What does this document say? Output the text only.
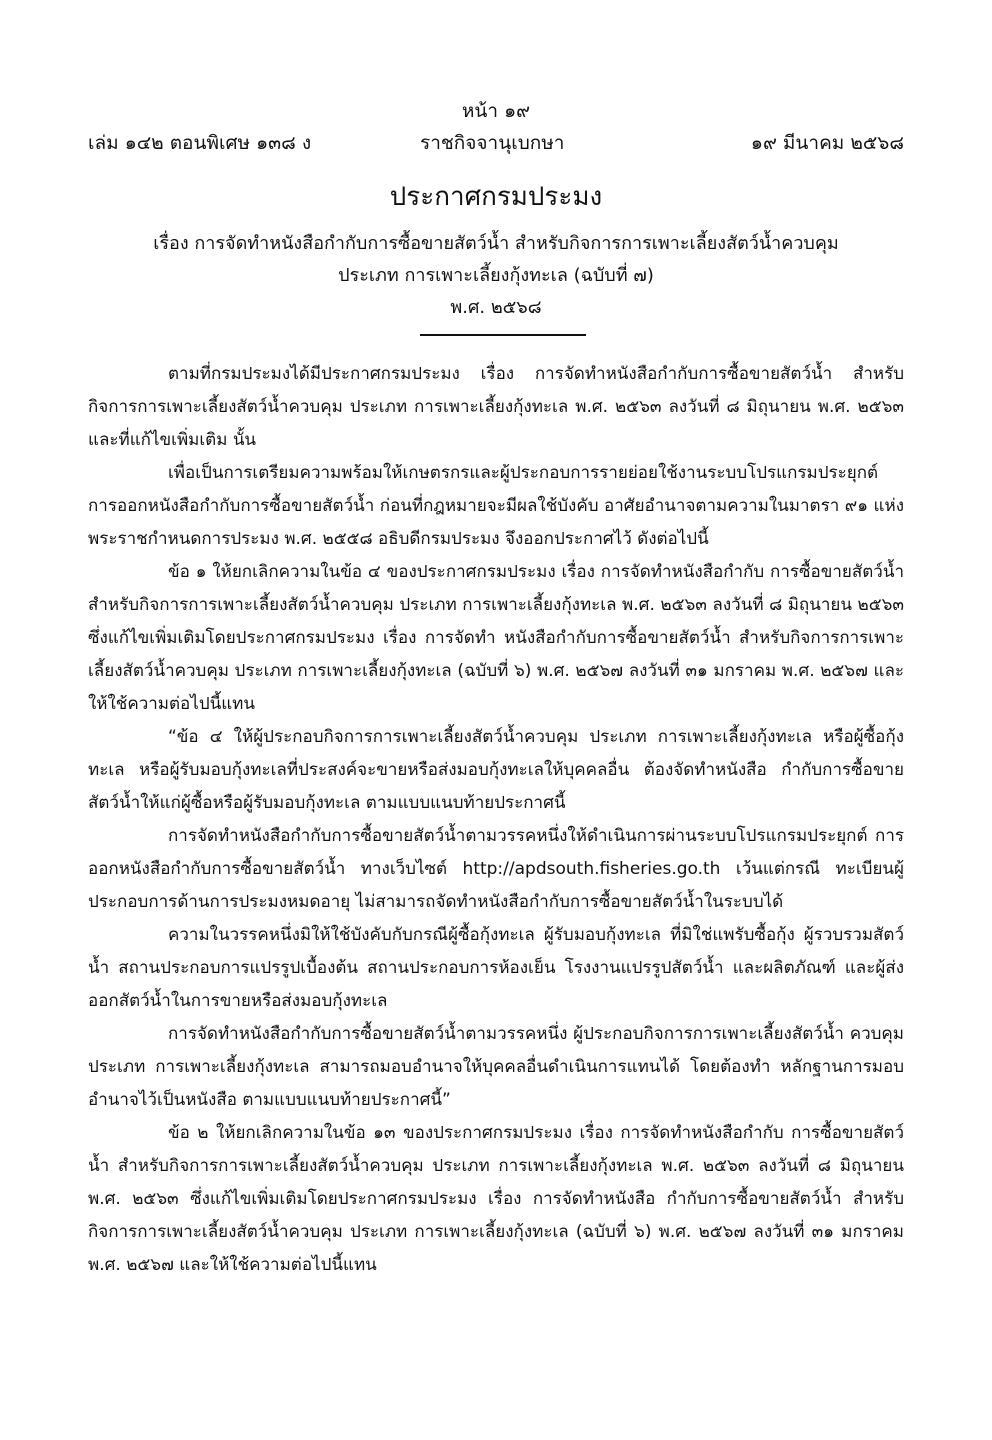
หน้า ๑๙
เล่ม ๑๔๒ ตอนพิเศษ ๑๓๘ ง	ราชกิจจานุเบกษา	๑๙ มีนาคม ๒๕๖๘
ประกาศกรมประมง
เรื่อง การจัดทำหนังสือกำกับการซื้อขายสัตว์น้ำ สำหรับกิจการการเพาะเลี้ยงสัตว์น้ำควบคุม
ประเภท การเพาะเลี้ยงกุ้งทะเล (ฉบับที่ ๗)
พ.ศ. ๒๕๖๘

ตามที่กรมประมงได้มีประกาศกรมประมง เรื่อง การจัดทำหนังสือกำกับการซื้อขายสัตว์น้ำ สำหรับกิจการการเพาะเลี้ยงสัตว์น้ำควบคุม ประเภท การเพาะเลี้ยงกุ้งทะเล พ.ศ. ๒๕๖๓ ลงวันที่ ๘ มิถุนายน พ.ศ. ๒๕๖๓ และที่แก้ไขเพิ่มเติม นั้น

เพื่อเป็นการเตรียมความพร้อมให้เกษตรกรและผู้ประกอบการรายย่อยใช้งานระบบโปรแกรมประยุกต์ การออกหนังสือกำกับการซื้อขายสัตว์น้ำ ก่อนที่กฎหมายจะมีผลใช้บังคับ อาศัยอำนาจตามความในมาตรา ๙๑ แห่งพระราชกำหนดการประมง พ.ศ. ๒๕๕๘ อธิบดีกรมประมง จึงออกประกาศไว้ ดังต่อไปนี้

ข้อ ๑ ให้ยกเลิกความในข้อ ๔ ของประกาศกรมประมง เรื่อง การจัดทำหนังสือกำกับ การซื้อขายสัตว์น้ำ สำหรับกิจการการเพาะเลี้ยงสัตว์น้ำควบคุม ประเภท การเพาะเลี้ยงกุ้งทะเล พ.ศ. ๒๕๖๓ ลงวันที่ ๘ มิถุนายน ๒๕๖๓ ซึ่งแก้ไขเพิ่มเติมโดยประกาศกรมประมง เรื่อง การจัดทำ หนังสือกำกับการซื้อขายสัตว์น้ำ สำหรับกิจการการเพาะเลี้ยงสัตว์น้ำควบคุม ประเภท การเพาะเลี้ยงกุ้งทะเล (ฉบับที่ ๖) พ.ศ. ๒๕๖๗ ลงวันที่ ๓๑ มกราคม พ.ศ. ๒๕๖๗ และให้ใช้ความต่อไปนี้แทน

“ข้อ ๔ ให้ผู้ประกอบกิจการการเพาะเลี้ยงสัตว์น้ำควบคุม ประเภท การเพาะเลี้ยงกุ้งทะเล หรือผู้ซื้อกุ้งทะเล หรือผู้รับมอบกุ้งทะเลที่ประสงค์จะขายหรือส่งมอบกุ้งทะเลให้บุคคลอื่น ต้องจัดทำหนังสือ กำกับการซื้อขายสัตว์น้ำให้แก่ผู้ซื้อหรือผู้รับมอบกุ้งทะเล ตามแบบแนบท้ายประกาศนี้

การจัดทำหนังสือกำกับการซื้อขายสัตว์น้ำตามวรรคหนึ่งให้ดำเนินการผ่านระบบโปรแกรมประยุกต์ การออกหนังสือกำกับการซื้อขายสัตว์น้ำ ทางเว็บไซต์ http://apdsouth.fisheries.go.th เว้นแต่กรณี ทะเบียนผู้ประกอบการด้านการประมงหมดอายุ ไม่สามารถจัดทำหนังสือกำกับการซื้อขายสัตว์น้ำในระบบได้

ความในวรรคหนึ่งมิให้ใช้บังคับกับกรณีผู้ซื้อกุ้งทะเล ผู้รับมอบกุ้งทะเล ที่มิใช่แพรับซื้อกุ้ง ผู้รวบรวมสัตว์น้ำ สถานประกอบการแปรรูปเบื้องต้น สถานประกอบการห้องเย็น โรงงานแปรรูปสัตว์น้ำ และผลิตภัณฑ์ และผู้ส่งออกสัตว์น้ำในการขายหรือส่งมอบกุ้งทะเล

การจัดทำหนังสือกำกับการซื้อขายสัตว์น้ำตามวรรคหนึ่ง ผู้ประกอบกิจการการเพาะเลี้ยงสัตว์น้ำ ควบคุม ประเภท การเพาะเลี้ยงกุ้งทะเล สามารถมอบอำนาจให้บุคคลอื่นดำเนินการแทนได้ โดยต้องทำ หลักฐานการมอบอำนาจไว้เป็นหนังสือ ตามแบบแนบท้ายประกาศนี้”

ข้อ ๒ ให้ยกเลิกความในข้อ ๑๓ ของประกาศกรมประมง เรื่อง การจัดทำหนังสือกำกับ การซื้อขายสัตว์น้ำ สำหรับกิจการการเพาะเลี้ยงสัตว์น้ำควบคุม ประเภท การเพาะเลี้ยงกุ้งทะเล พ.ศ. ๒๕๖๓ ลงวันที่ ๘ มิถุนายน พ.ศ. ๒๕๖๓ ซึ่งแก้ไขเพิ่มเติมโดยประกาศกรมประมง เรื่อง การจัดทำหนังสือ กำกับการซื้อขายสัตว์น้ำ สำหรับกิจการการเพาะเลี้ยงสัตว์น้ำควบคุม ประเภท การเพาะเลี้ยงกุ้งทะเล (ฉบับที่ ๖) พ.ศ. ๒๕๖๗ ลงวันที่ ๓๑ มกราคม พ.ศ. ๒๕๖๗ และให้ใช้ความต่อไปนี้แทน
